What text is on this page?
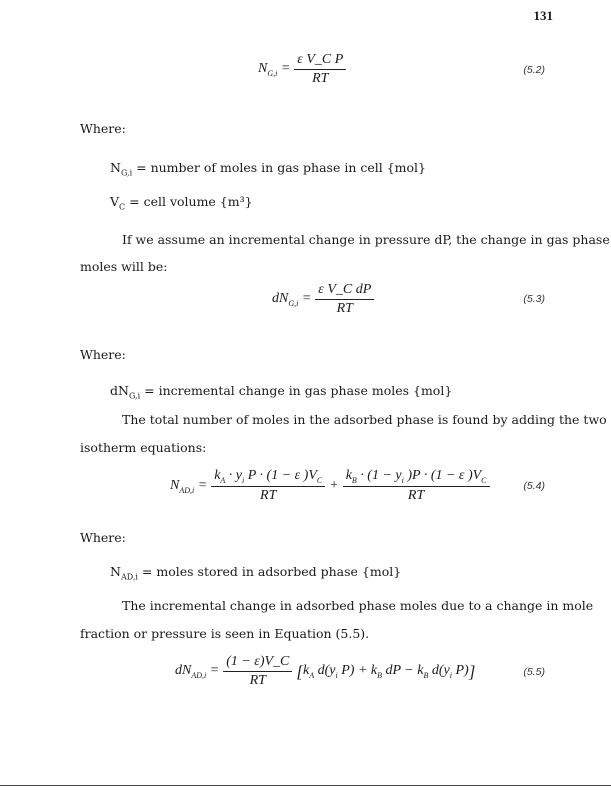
131
$N_{G,i} = \frac{\text{ε V\_C P}}{RT}$	(5.2)
Where:
$N_{G,i}$ = number of moles in gas phase in cell {mol}
$V_C$ = cell volume {m³}
If we assume an incremental change in pressure dP, the change in gas phase
moles will be:
$dN_{G,i} = \frac{\text{ε V\_C dP}}{RT}$	(5.3)
Where:
$dN_{G,i}$ = incremental change in gas phase moles {mol}
The total number of moles in the adsorbed phase is found by adding the two
isotherm equations:
$N_{AD,i} = \frac{k_A \cdot y_i P \cdot (1 - \varepsilon )V_C}{RT} + \frac{k_B \cdot (1 - y_i )P \cdot (1 - \varepsilon )V_C}{RT}$	(5.4)
Where:
$N_{AD,i}$ = moles stored in adsorbed phase {mol}
The incremental change in adsorbed phase moles due to a change in mole
fraction or pressure is seen in Equation (5.5).
$dN_{AD,i} = \frac{(1 - \varepsilon)V\_C}{RT}$ [ $k_A$ $d(y_i$ $P) + k_B$ dP − $k_B$ $d(y_i$ P) ]	(5.5)
